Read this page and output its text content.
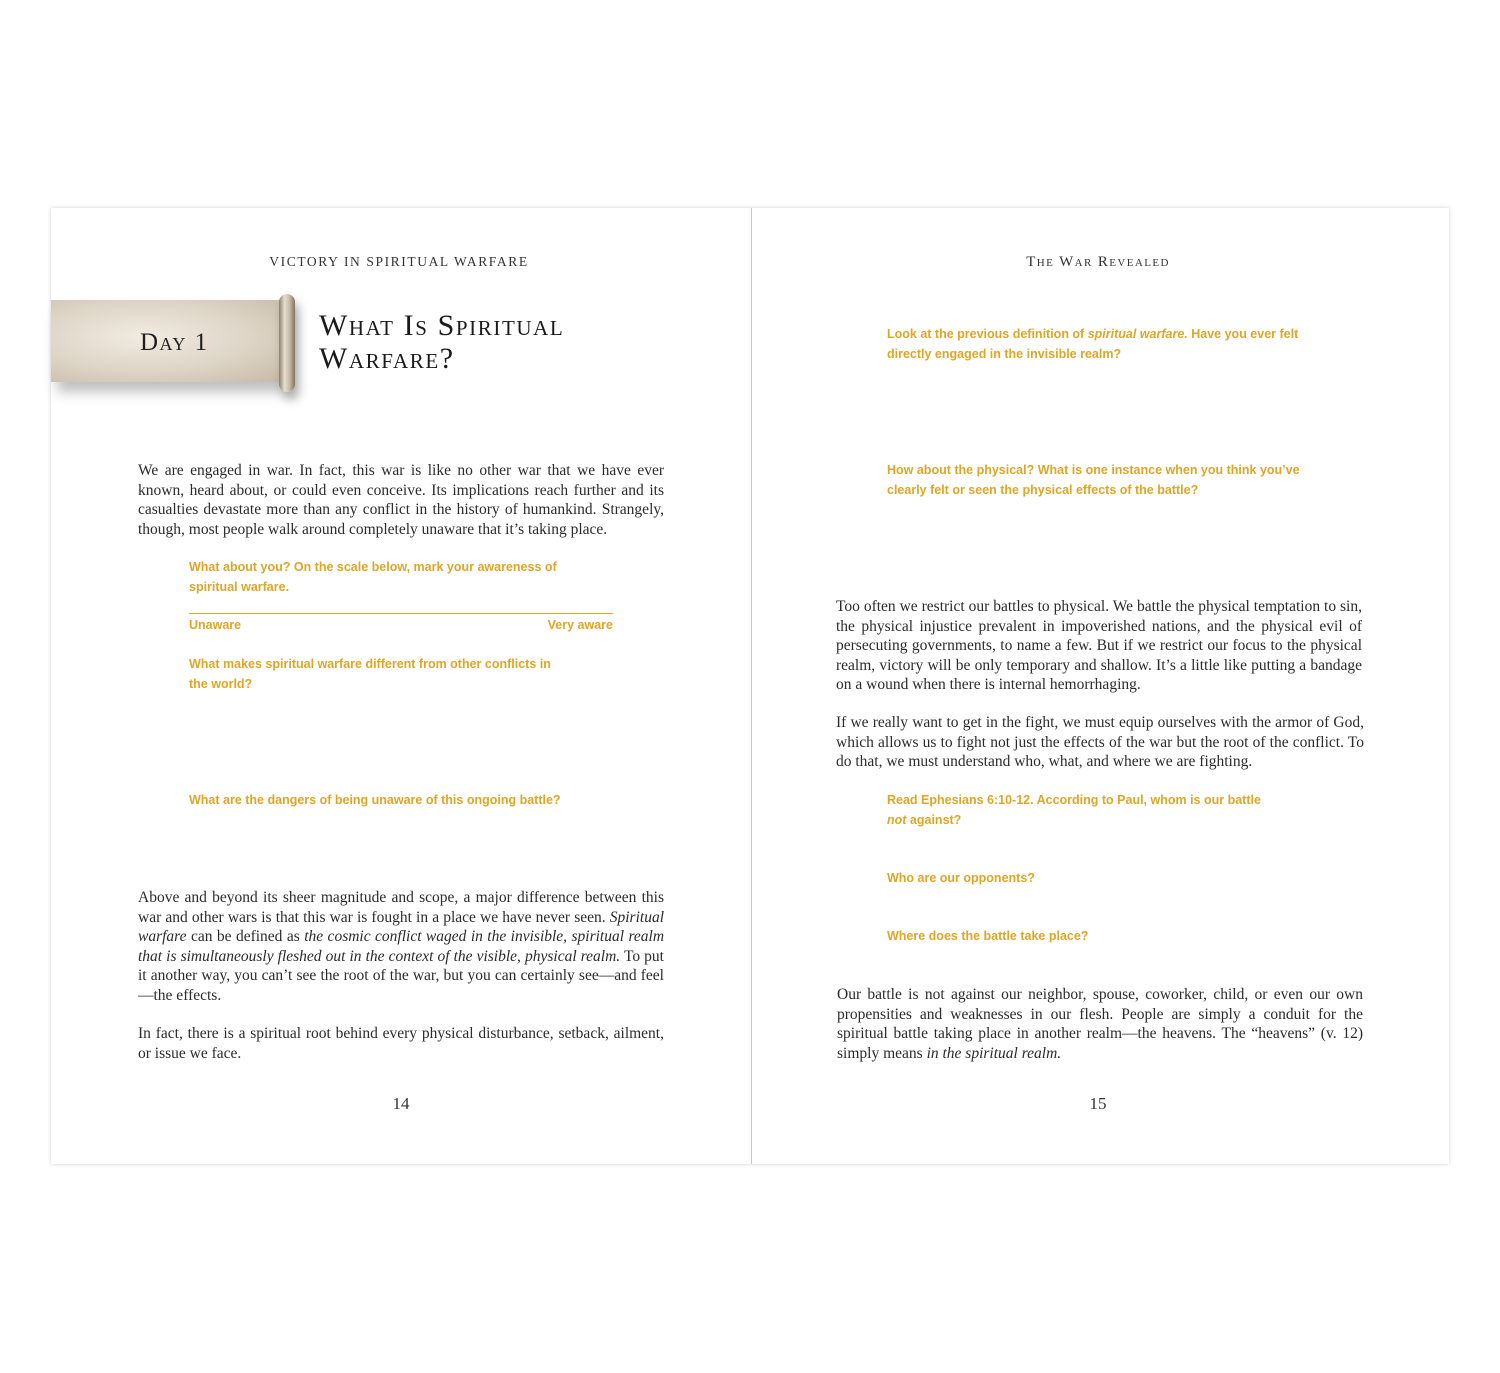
VICTORY IN SPIRITUAL WARFARE
Day 1
What Is Spiritual Warfare?
We are engaged in war. In fact, this war is like no other war that we have ever known, heard about, or could even conceive. Its implications reach further and its casualties devastate more than any conflict in the history of humankind. Strangely, though, most people walk around completely unaware that it’s taking place.
What about you? On the scale below, mark your awareness of spiritual warfare.
Unaware	Very aware
What makes spiritual warfare different from other conflicts in the world?
What are the dangers of being unaware of this ongoing battle?
Above and beyond its sheer magnitude and scope, a major difference between this war and other wars is that this war is fought in a place we have never seen. Spiritual warfare can be defined as the cosmic conflict waged in the invisible, spiritual realm that is simultaneously fleshed out in the context of the visible, physical realm. To put it another way, you can’t see the root of the war, but you can certainly see—and feel—the effects.
In fact, there is a spiritual root behind every physical disturbance, setback, ailment, or issue we face.
14
The War Revealed
Look at the previous definition of spiritual warfare. Have you ever felt directly engaged in the invisible realm?
How about the physical? What is one instance when you think you’ve clearly felt or seen the physical effects of the battle?
Too often we restrict our battles to physical. We battle the physical temptation to sin, the physical injustice prevalent in impoverished nations, and the physical evil of persecuting governments, to name a few. But if we restrict our focus to the physical realm, victory will be only temporary and shallow. It’s a little like putting a bandage on a wound when there is internal hemorrhaging.
If we really want to get in the fight, we must equip ourselves with the armor of God, which allows us to fight not just the effects of the war but the root of the conflict. To do that, we must understand who, what, and where we are fighting.
Read Ephesians 6:10-12. According to Paul, whom is our battle
not against?
Who are our opponents?
Where does the battle take place?
Our battle is not against our neighbor, spouse, coworker, child, or even our own propensities and weaknesses in our flesh. People are simply a conduit for the spiritual battle taking place in another realm—the heavens. The “heavens” (v. 12) simply means in the spiritual realm.
15
